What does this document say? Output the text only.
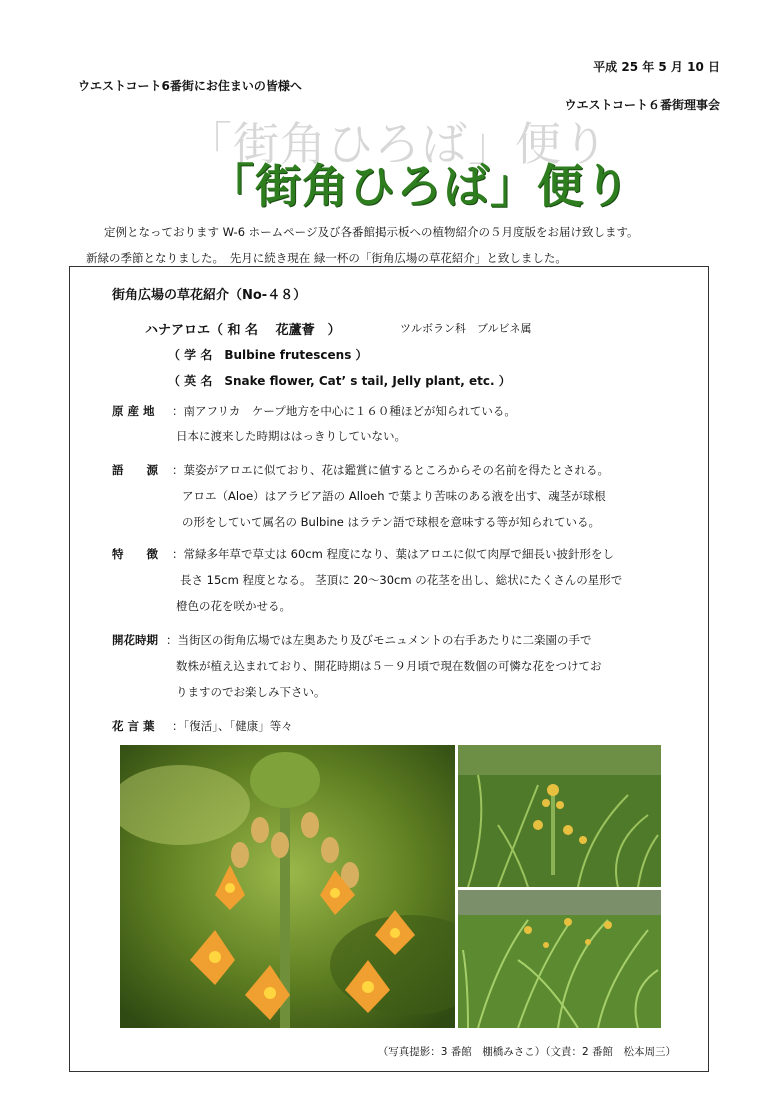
平成 25 年 5 月 10 日
ウエストコート6番街にお住まいの皆様へ
ウエストコート６番街理事会
「街角ひろば」便り
「街角ひろば」便り
定例となっております W-6 ホームページ及び各番館掲示板への植物紹介の５月度版をお届け致します。
新緑の季節となりました。　先月に続き現在 緑一杯の「街角広場の草花紹介」と致しました。
街角広場の草花紹介（No-４８）
ハナアロエ（ 和 名　 花蘆薈　）	ツルボラン科　ブルビネ属
（ 学 名　Bulbine frutescens ）
（ 英 名　Snake flower, Cat’ s tail, Jelly plant, etc. ）
原 産 地 ：南アフリカ　ケープ地方を中心に１６０種ほどが知られている。
日本に渡来した時期ははっきりしていない。
語　　源 ：葉姿がアロエに似ており、花は鑑賞に値するところからその名前を得たとされる。
アロエ（Aloe）はアラビア語の Alloeh で葉より苦味のある液を出す、魂茎が球根
の形をしていて属名の Bulbine はラテン語で球根を意味する等が知られている。
特　　徴 ：常緑多年草で草丈は 60cm 程度になり、葉はアロエに似て肉厚で細長い披針形をし
長さ 15cm 程度となる。 茎頂に 20～30cm の花茎を出し、総状にたくさんの星形で
橙色の花を咲かせる。
開花時期 ：当街区の街角広場では左奥あたり及びモニュメントの右手あたりに二楽園の手で
数株が植え込まれており、開花時期は５－９月頃で現在数個の可憐な花をつけてお
りますのでお楽しみ下さい。
花 言 葉 ：「復活」、「健康」等々
（写真提影：3 番館　棚橋みさこ）（文責：2 番館　松本周三）
